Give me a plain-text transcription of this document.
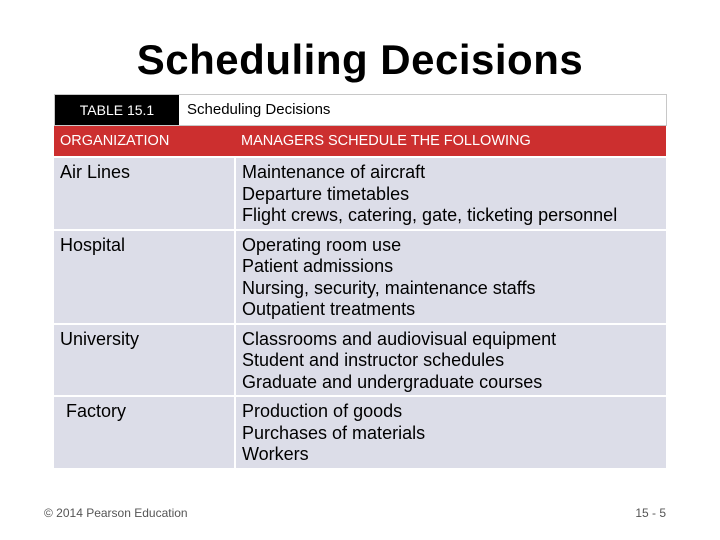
Scheduling Decisions
TABLE 15.1	Scheduling Decisions
ORGANIZATION	MANAGERS SCHEDULE THE FOLLOWING
Air Lines	Maintenance of aircraft
Departure timetables
Flight crews, catering, gate, ticketing personnel

Hospital	Operating room use
Patient admissions
Nursing, security, maintenance staffs
Outpatient treatments

University	Classrooms and audiovisual equipment
Student and instructor schedules
Graduate and undergraduate courses

Factory	Production of goods
Purchases of materials
Workers
© 2014 Pearson Education	15 - 5
